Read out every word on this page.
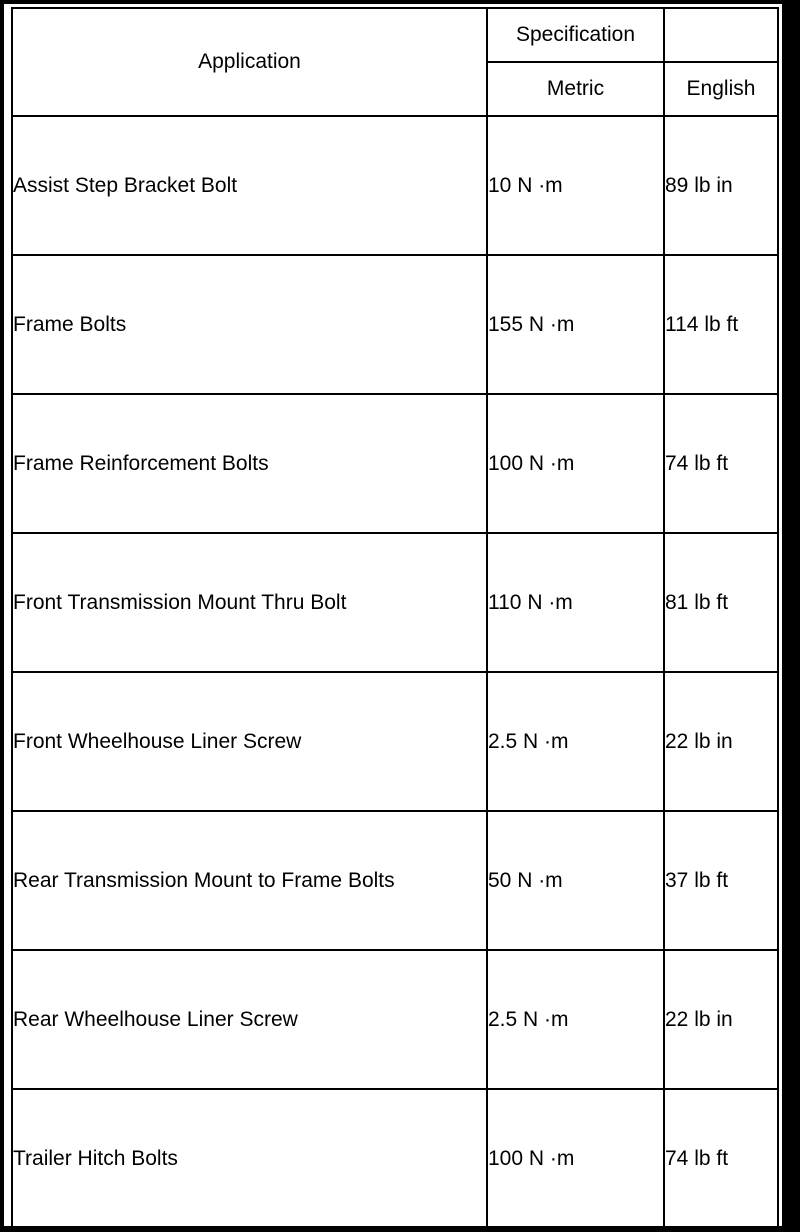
Application	Specification	
	Metric	English
Assist Step Bracket Bolt	10 N ·m	89 lb in
Frame Bolts	155 N ·m	114 lb ft
Frame Reinforcement Bolts	100 N ·m	74 lb ft
Front Transmission Mount Thru Bolt	110 N ·m	81 lb ft
Front Wheelhouse Liner Screw	2.5 N ·m	22 lb in
Rear Transmission Mount to Frame Bolts	50 N ·m	37 lb ft
Rear Wheelhouse Liner Screw	2.5 N ·m	22 lb in
Trailer Hitch Bolts	100 N ·m	74 lb ft
